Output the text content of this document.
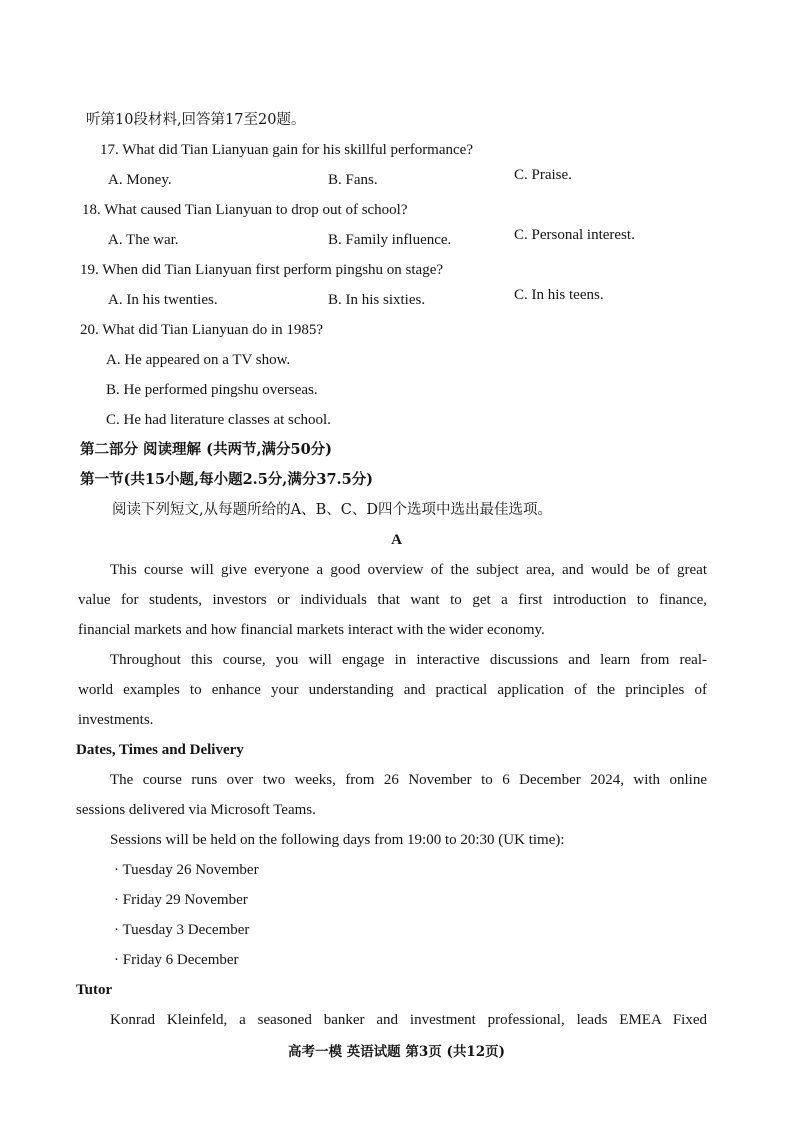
听第10段材料,回答第17至20题。
17. What did Tian Lianyuan gain for his skillful performance?
A. Money.	B. Fans.	C. Praise.
18. What caused Tian Lianyuan to drop out of school?
A. The war.	B. Family influence.	C. Personal interest.
19. When did Tian Lianyuan first perform pingshu on stage?
A. In his twenties.	B. In his sixties.	C. In his teens.
20. What did Tian Lianyuan do in 1985?
A. He appeared on a TV show.
B. He performed pingshu overseas.
C. He had literature classes at school.
第二部分 阅读理解 (共两节,满分50分)
第一节(共15小题,每小题2.5分,满分37.5分)
阅读下列短文,从每题所给的A、B、C、D四个选项中选出最佳选项。
A
This course will give everyone a good overview of the subject area, and would be of great
value for students, investors or individuals that want to get a first introduction to finance,
financial markets and how financial markets interact with the wider economy.
Throughout this course, you will engage in interactive discussions and learn from real-
world examples to enhance your understanding and practical application of the principles of
investments.
Dates, Times and Delivery
The course runs over two weeks, from 26 November to 6 December 2024, with online
sessions delivered via Microsoft Teams.
Sessions will be held on the following days from 19:00 to 20:30 (UK time):
· Tuesday 26 November
· Friday 29 November
· Tuesday 3 December
· Friday 6 December
Tutor
Konrad Kleinfeld, a seasoned banker and investment professional, leads EMEA Fixed
高考一模 英语试题 第3页 (共12页)
